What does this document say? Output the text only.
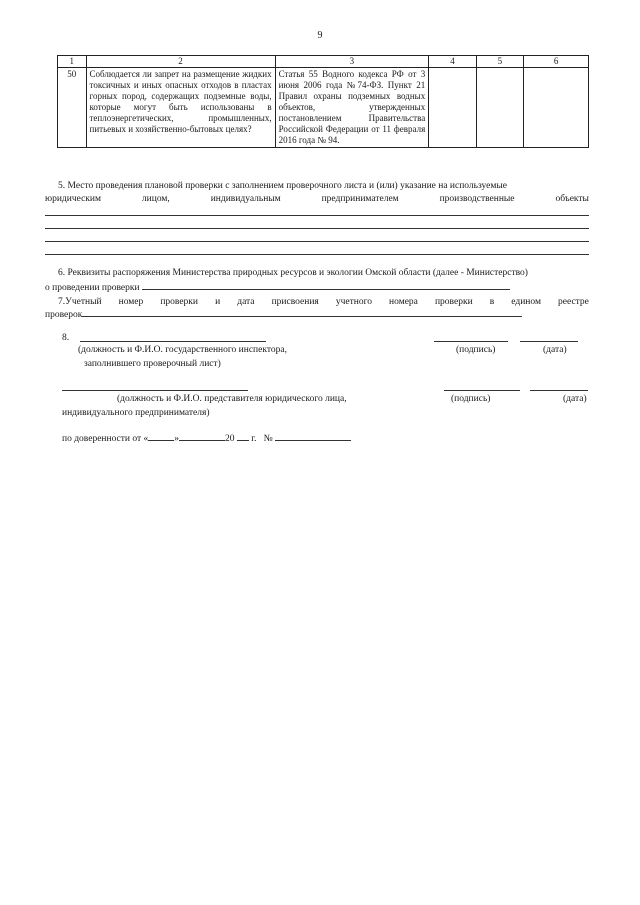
9
1	2	3	4	5	6
50	Соблюдается ли запрет на размещение жидких токсичных и иных опасных отходов в пластах горных пород, содержащих подземные воды, которые могут быть использованы в теплоэнергетических, промышленных, питьевых и хозяйственно-бытовых целях?	Статья 55 Водного кодекса РФ от 3 июня 2006 года №74-ФЗ. Пункт 21 Правил охраны подземных водных объектов, утвержденных постановлением Правительства Российской Федерации от 11 февраля 2016 года № 94.			
5. Место проведения плановой проверки с заполнением проверочного листа и (или) указание на используемые
юридическим	лицом,	индивидуальным	предпринимателем	производственные	объекты
6. Реквизиты распоряжения Министерства природных ресурсов и экологии Омской области (далее - Министерство)
о проведении проверки
7.Учетный номер проверки и дата присвоения учетного номера проверки в едином реестре
проверок
8.
(должность и Ф.И.О. государственного инспектора,	(подпись)	(дата)
заполнившего проверочный лист)
(должность и Ф.И.О. представителя юридического лица,	(подпись)	(дата)
индивидуального предпринимателя)
по доверенности от «	»	20 г. №
